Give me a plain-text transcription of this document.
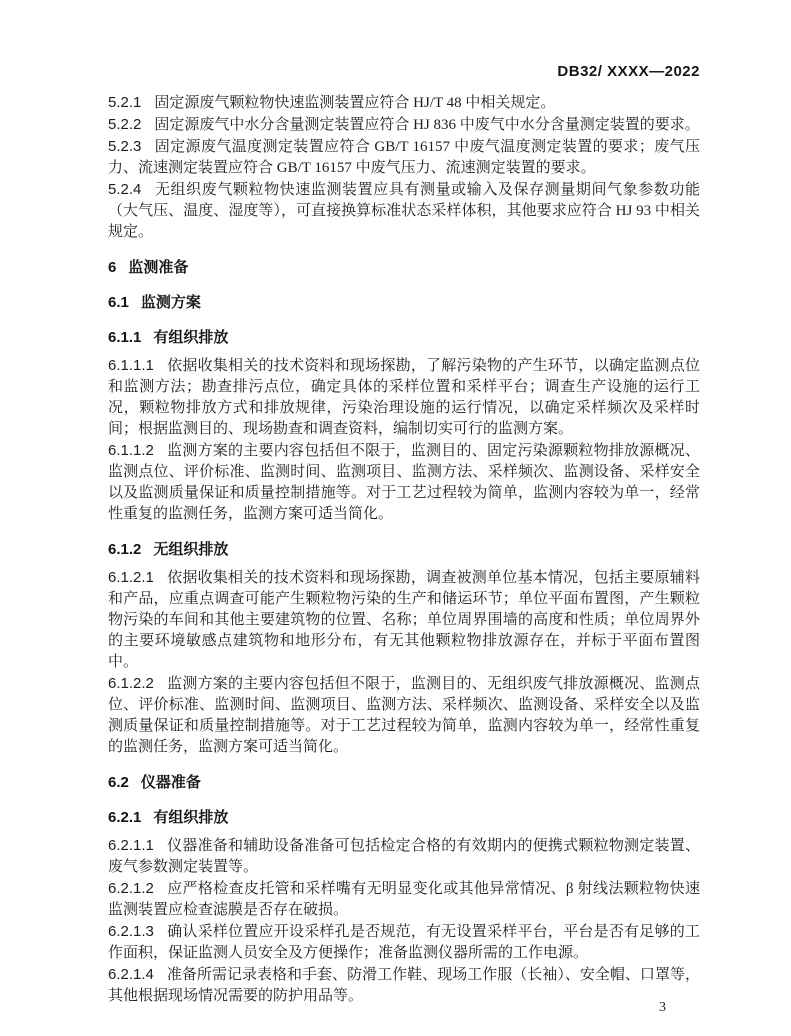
DB32/ XXXX—2022

5.2.1 固定源废气颗粒物快速监测装置应符合 HJ/T 48 中相关规定。

5.2.2 固定源废气中水分含量测定装置应符合 HJ 836 中废气中水分含量测定装置的要求。

5.2.3 固定源废气温度测定装置应符合 GB/T 16157 中废气温度测定装置的要求；废气压力、流速测定装置应符合 GB/T 16157 中废气压力、流速测定装置的要求。

5.2.4 无组织废气颗粒物快速监测装置应具有测量或输入及保存测量期间气象参数功能（大气压、温度、湿度等），可直接换算标准状态采样体积，其他要求应符合 HJ 93 中相关规定。

6 监测准备

6.1 监测方案

6.1.1 有组织排放

6.1.1.1 依据收集相关的技术资料和现场探勘，了解污染物的产生环节，以确定监测点位和监测方法；勘查排污点位，确定具体的采样位置和采样平台；调查生产设施的运行工况，颗粒物排放方式和排放规律，污染治理设施的运行情况，以确定采样频次及采样时间；根据监测目的、现场勘查和调查资料，编制切实可行的监测方案。

6.1.1.2 监测方案的主要内容包括但不限于，监测目的、固定污染源颗粒物排放源概况、监测点位、评价标准、监测时间、监测项目、监测方法、采样频次、监测设备、采样安全以及监测质量保证和质量控制措施等。对于工艺过程较为简单，监测内容较为单一，经常性重复的监测任务，监测方案可适当简化。

6.1.2 无组织排放

6.1.2.1 依据收集相关的技术资料和现场探勘，调查被测单位基本情况，包括主要原辅料和产品，应重点调查可能产生颗粒物污染的生产和储运环节；单位平面布置图，产生颗粒物污染的车间和其他主要建筑物的位置、名称；单位周界围墙的高度和性质；单位周界外的主要环境敏感点建筑物和地形分布，有无其他颗粒物排放源存在，并标于平面布置图中。

6.1.2.2 监测方案的主要内容包括但不限于，监测目的、无组织废气排放源概况、监测点位、评价标准、监测时间、监测项目、监测方法、采样频次、监测设备、采样安全以及监测质量保证和质量控制措施等。对于工艺过程较为简单，监测内容较为单一，经常性重复的监测任务，监测方案可适当简化。

6.2 仪器准备

6.2.1 有组织排放

6.2.1.1 仪器准备和辅助设备准备可包括检定合格的有效期内的便携式颗粒物测定装置、废气参数测定装置等。

6.2.1.2 应严格检查皮托管和采样嘴有无明显变化或其他异常情况、β 射线法颗粒物快速监测装置应检查滤膜是否存在破损。

6.2.1.3 确认采样位置应开设采样孔是否规范，有无设置采样平台，平台是否有足够的工作面积，保证监测人员安全及方便操作；准备监测仪器所需的工作电源。

6.2.1.4 准备所需记录表格和手套、防滑工作鞋、现场工作服（长袖）、安全帽、口罩等，其他根据现场情况需要的防护用品等。

3
